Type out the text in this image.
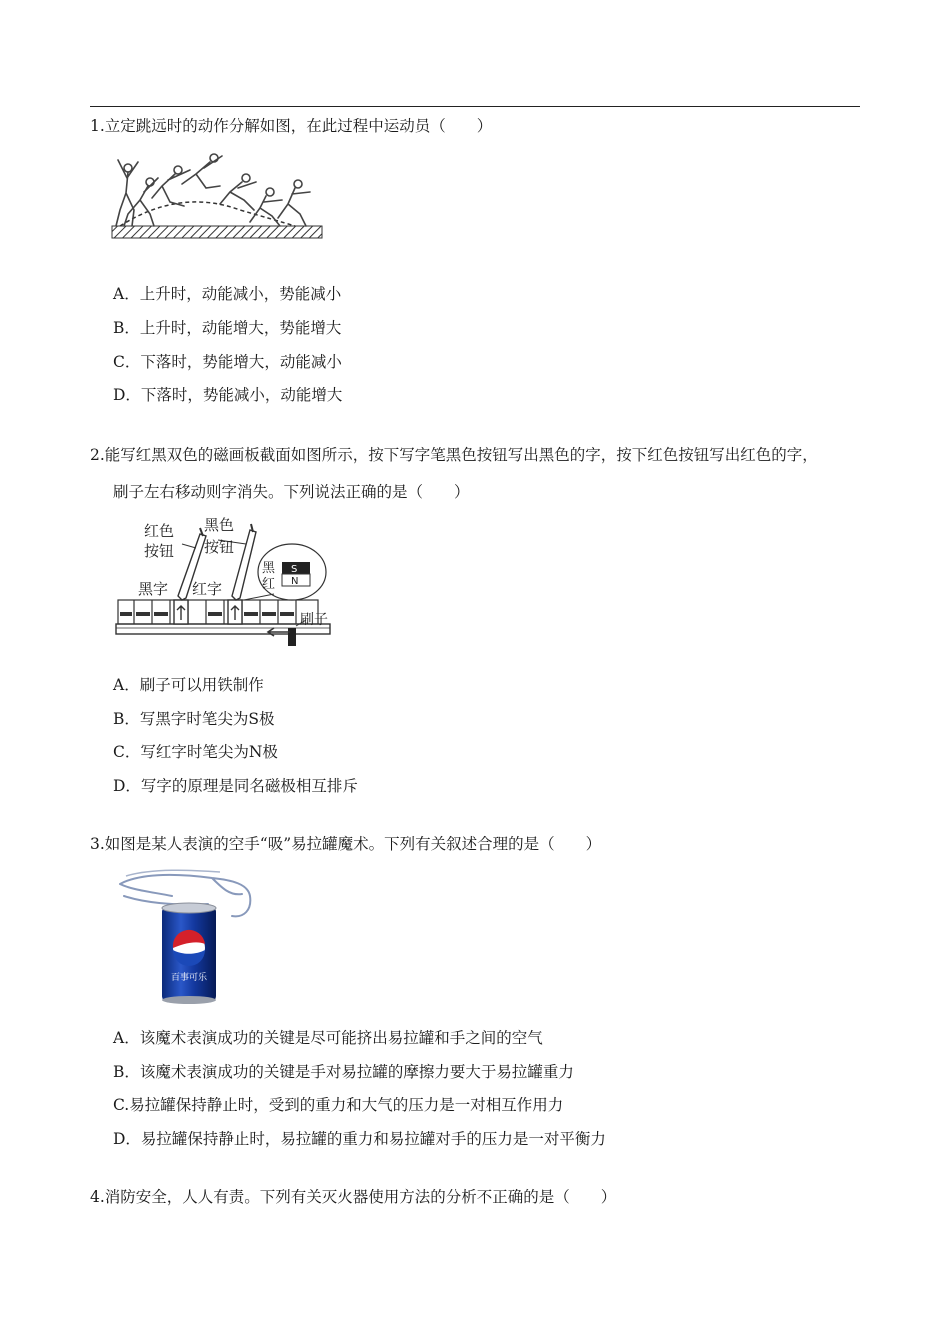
1.立定跳远时的动作分解如图，在此过程中运动员（　　）
A．上升时，动能减小，势能减小
B．上升时，动能增大，势能增大
C．下落时，势能增大，动能减小
D．下落时，势能减小，动能增大
2.能写红黑双色的磁画板截面如图所示，按下写字笔黑色按钮写出黑色的字，按下红色按钮写出红色的字，
刷子左右移动则字消失。下列说法正确的是（　　）
红色
按钮
黑色
按钮
黑字 红字
黑
红
S
N
刷子
A．刷子可以用铁制作
B．写黑字时笔尖为S极
C．写红字时笔尖为N极
D．写字的原理是同名磁极相互排斥
3.如图是某人表演的空手“吸”易拉罐魔术。下列有关叙述合理的是（　　）
百事可乐
A．该魔术表演成功的关键是尽可能挤出易拉罐和手之间的空气
B．该魔术表演成功的关键是手对易拉罐的摩擦力要大于易拉罐重力
C.易拉罐保持静止时，受到的重力和大气的压力是一对相互作用力
D．易拉罐保持静止时，易拉罐的重力和易拉罐对手的压力是一对平衡力
4.消防安全，人人有责。下列有关灭火器使用方法的分析不正确的是（　　）
